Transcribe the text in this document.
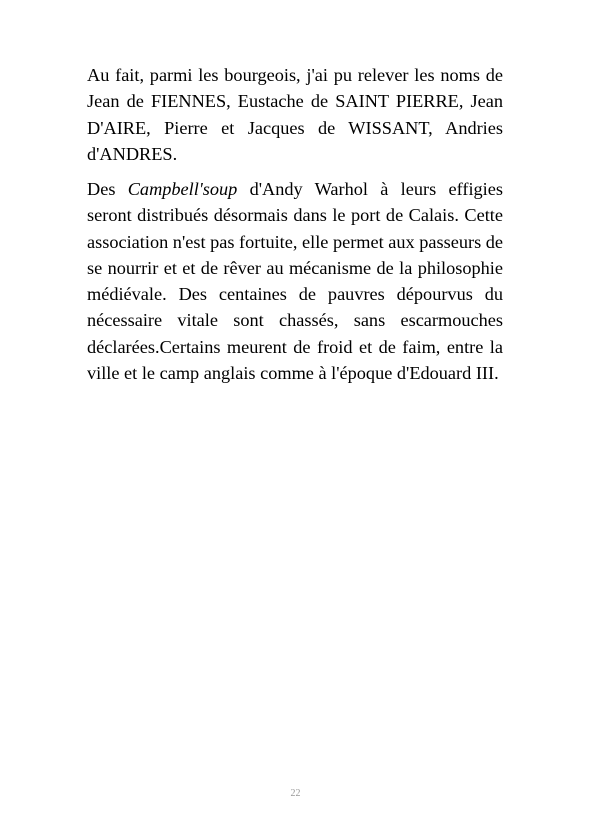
Au fait, parmi les bourgeois, j'ai pu relever les noms de Jean de FIENNES, Eustache de SAINT PIERRE, Jean D'AIRE, Pierre et Jacques de WISSANT, Andries d'ANDRES.

Des Campbell'soup d'Andy Warhol à leurs effigies seront distribués désormais dans le port de Calais. Cette association n'est pas fortuite, elle permet aux passeurs de se nourrir et et de rêver au mécanisme de la philosophie médiévale. Des centaines de pauvres dépourvus du nécessaire vitale sont chassés, sans escarmouches déclarées.Certains meurent de froid et de faim, entre la ville et le camp anglais comme à l'époque d'Edouard III.

22
